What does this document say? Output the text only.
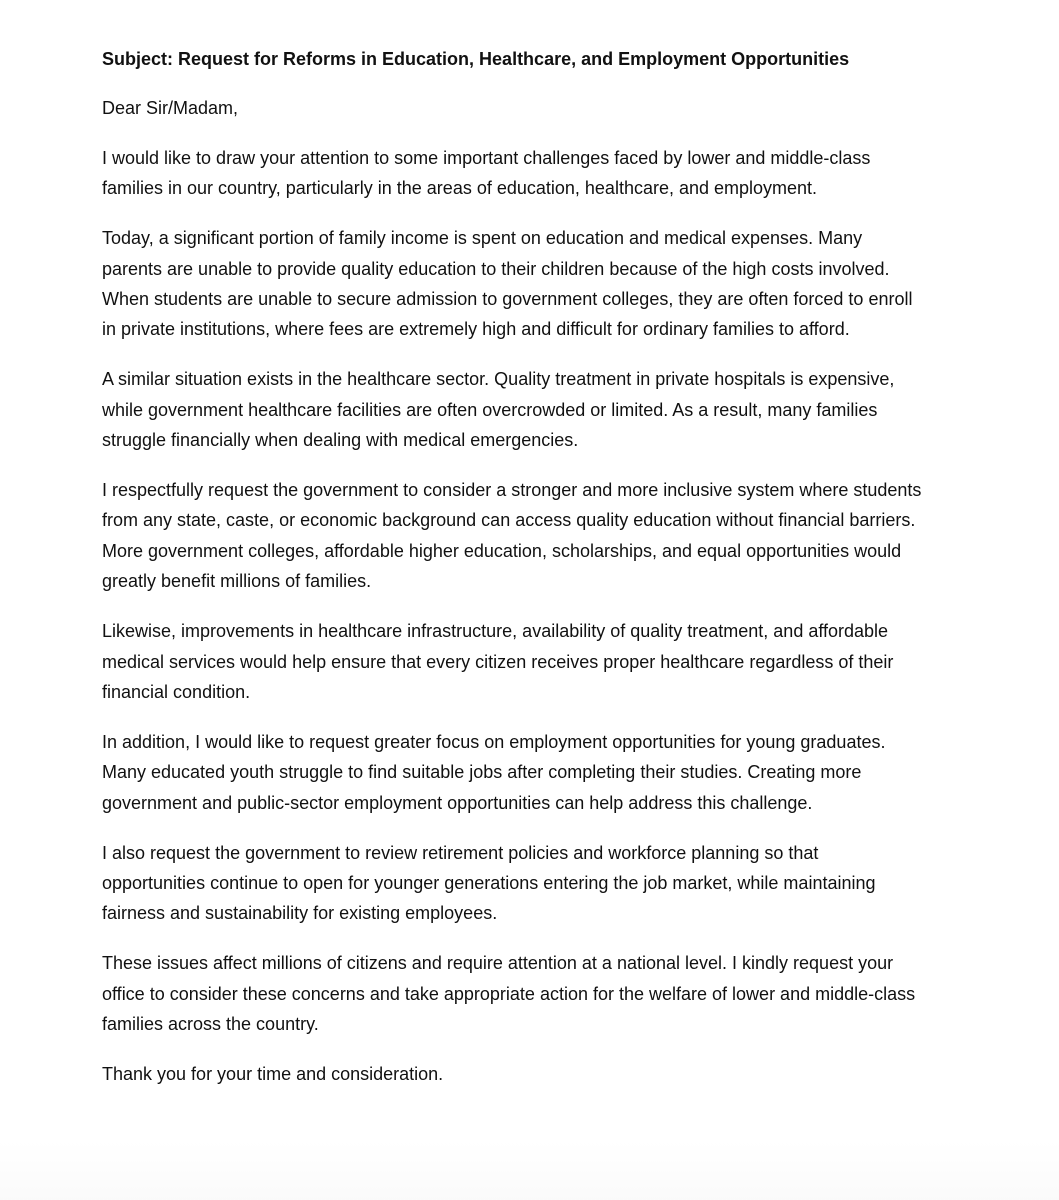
Subject: Request for Reforms in Education, Healthcare, and Employment Opportunities

Dear Sir/Madam,

I would like to draw your attention to some important challenges faced by lower and middle-class families in our country, particularly in the areas of education, healthcare, and employment.

Today, a significant portion of family income is spent on education and medical expenses. Many parents are unable to provide quality education to their children because of the high costs involved. When students are unable to secure admission to government colleges, they are often forced to enroll in private institutions, where fees are extremely high and difficult for ordinary families to afford.

A similar situation exists in the healthcare sector. Quality treatment in private hospitals is expensive, while government healthcare facilities are often overcrowded or limited. As a result, many families struggle financially when dealing with medical emergencies.

I respectfully request the government to consider a stronger and more inclusive system where students from any state, caste, or economic background can access quality education without financial barriers. More government colleges, affordable higher education, scholarships, and equal opportunities would greatly benefit millions of families.

Likewise, improvements in healthcare infrastructure, availability of quality treatment, and affordable medical services would help ensure that every citizen receives proper healthcare regardless of their financial condition.

In addition, I would like to request greater focus on employment opportunities for young graduates. Many educated youth struggle to find suitable jobs after completing their studies. Creating more government and public-sector employment opportunities can help address this challenge.

I also request the government to review retirement policies and workforce planning so that opportunities continue to open for younger generations entering the job market, while maintaining fairness and sustainability for existing employees.

These issues affect millions of citizens and require attention at a national level. I kindly request your office to consider these concerns and take appropriate action for the welfare of lower and middle-class families across the country.

Thank you for your time and consideration.
